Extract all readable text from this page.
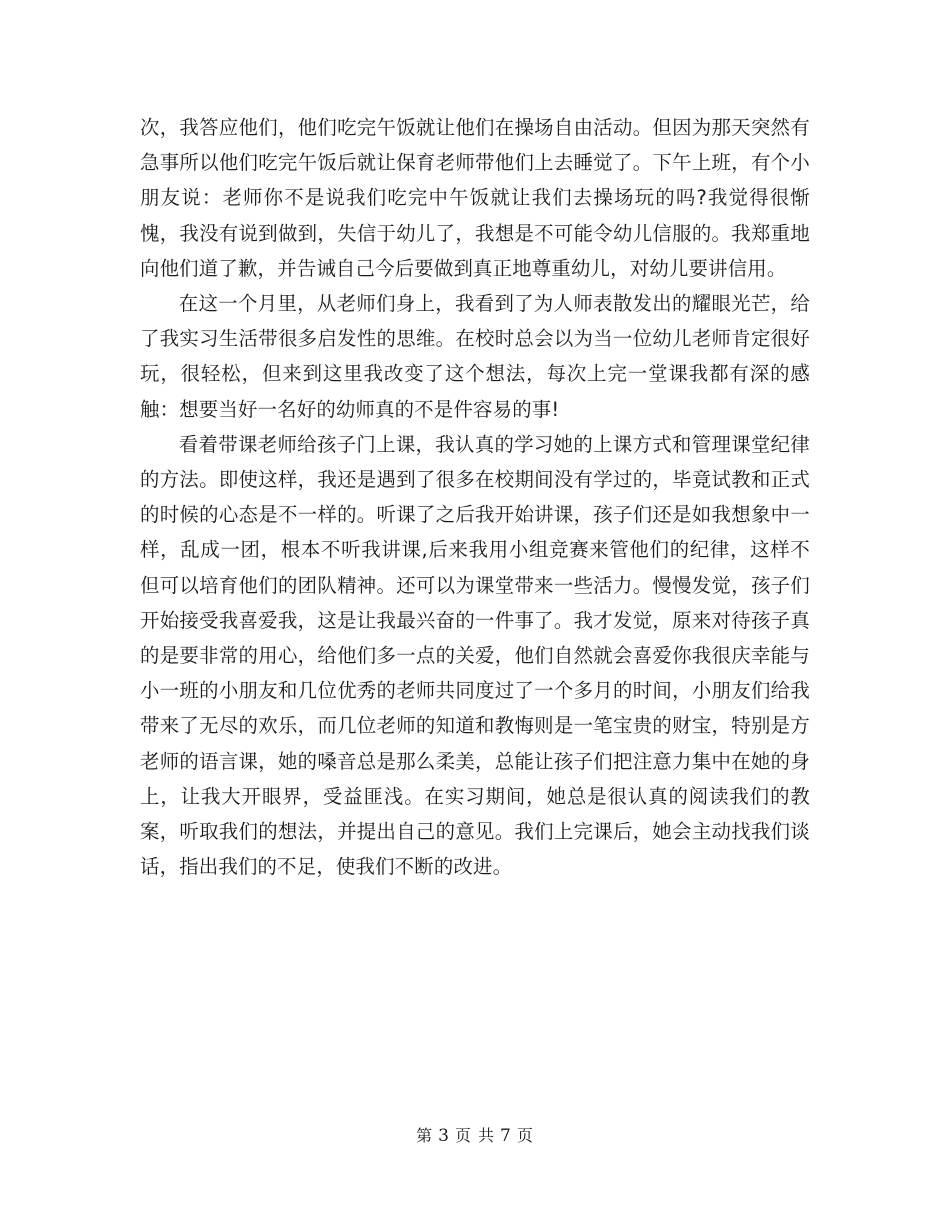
次，我答应他们，他们吃完午饭就让他们在操场自由活动。但因为那天突然有急事所以他们吃完午饭后就让保育老师带他们上去睡觉了。下午上班，有个小朋友说：老师你不是说我们吃完中午饭就让我们去操场玩的吗?我觉得很惭愧，我没有说到做到，失信于幼儿了，我想是不可能令幼儿信服的。我郑重地向他们道了歉，并告诫自己今后要做到真正地尊重幼儿，对幼儿要讲信用。

在这一个月里，从老师们身上，我看到了为人师表散发出的耀眼光芒，给了我实习生活带很多启发性的思维。在校时总会以为当一位幼儿老师肯定很好玩，很轻松，但来到这里我改变了这个想法，每次上完一堂课我都有深的感触：想要当好一名好的幼师真的不是件容易的事!

看着带课老师给孩子门上课，我认真的学习她的上课方式和管理课堂纪律的方法。即使这样，我还是遇到了很多在校期间没有学过的，毕竟试教和正式的时候的心态是不一样的。听课了之后我开始讲课，孩子们还是如我想象中一样，乱成一团，根本不听我讲课,后来我用小组竞赛来管他们的纪律，这样不但可以培育他们的团队精神。还可以为课堂带来一些活力。慢慢发觉，孩子们开始接受我喜爱我，这是让我最兴奋的一件事了。我才发觉，原来对待孩子真的是要非常的用心，给他们多一点的关爱，他们自然就会喜爱你我很庆幸能与小一班的小朋友和几位优秀的老师共同度过了一个多月的时间，小朋友们给我带来了无尽的欢乐，而几位老师的知道和教悔则是一笔宝贵的财宝，特别是方老师的语言课，她的嗓音总是那么柔美，总能让孩子们把注意力集中在她的身上，让我大开眼界，受益匪浅。在实习期间，她总是很认真的阅读我们的教案，听取我们的想法，并提出自己的意见。我们上完课后，她会主动找我们谈话，指出我们的不足，使我们不断的改进。

第 3 页 共 7 页
